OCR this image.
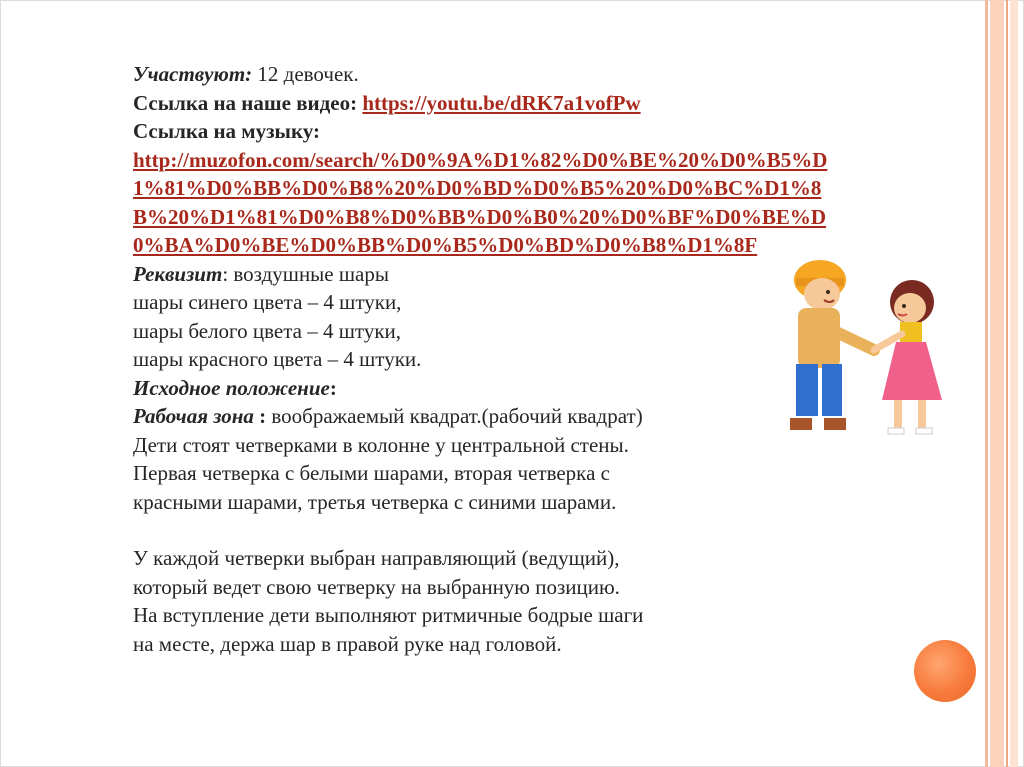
Участвуют: 12 девочек.

Ссылка на наше видео: https://youtu.be/dRK7a1vofPw

Ссылка на музыку:

http://muzofon.com/search/%D0%9A%D1%82%D0%BE%20%D0%B5%D1%81%D0%BB%D0%B8%20%D0%BD%D0%B5%20%D0%BC%D1%8B%20%D1%81%D0%B8%D0%BB%D0%B0%20%D0%BF%D0%BE%D0%BA%D0%BE%D0%BB%D0%B5%D0%BD%D0%B8%D1%8F

Реквизит: воздушные шары

шары синего цвета – 4 штуки,

шары белого цвета – 4 штуки,

шары красного цвета – 4 штуки.

Исходное положение:

Рабочая зона : воображаемый квадрат.(рабочий квадрат)

Дети стоят четверками в колонне у центральной стены.

Первая четверка с белыми шарами, вторая четверка с

красными шарами, третья четверка с синими шарами.

У каждой четверки выбран направляющий (ведущий),

который ведет свою четверку на выбранную позицию.

На вступление дети выполняют ритмичные бодрые шаги

на месте, держа шар в правой руке над головой.
